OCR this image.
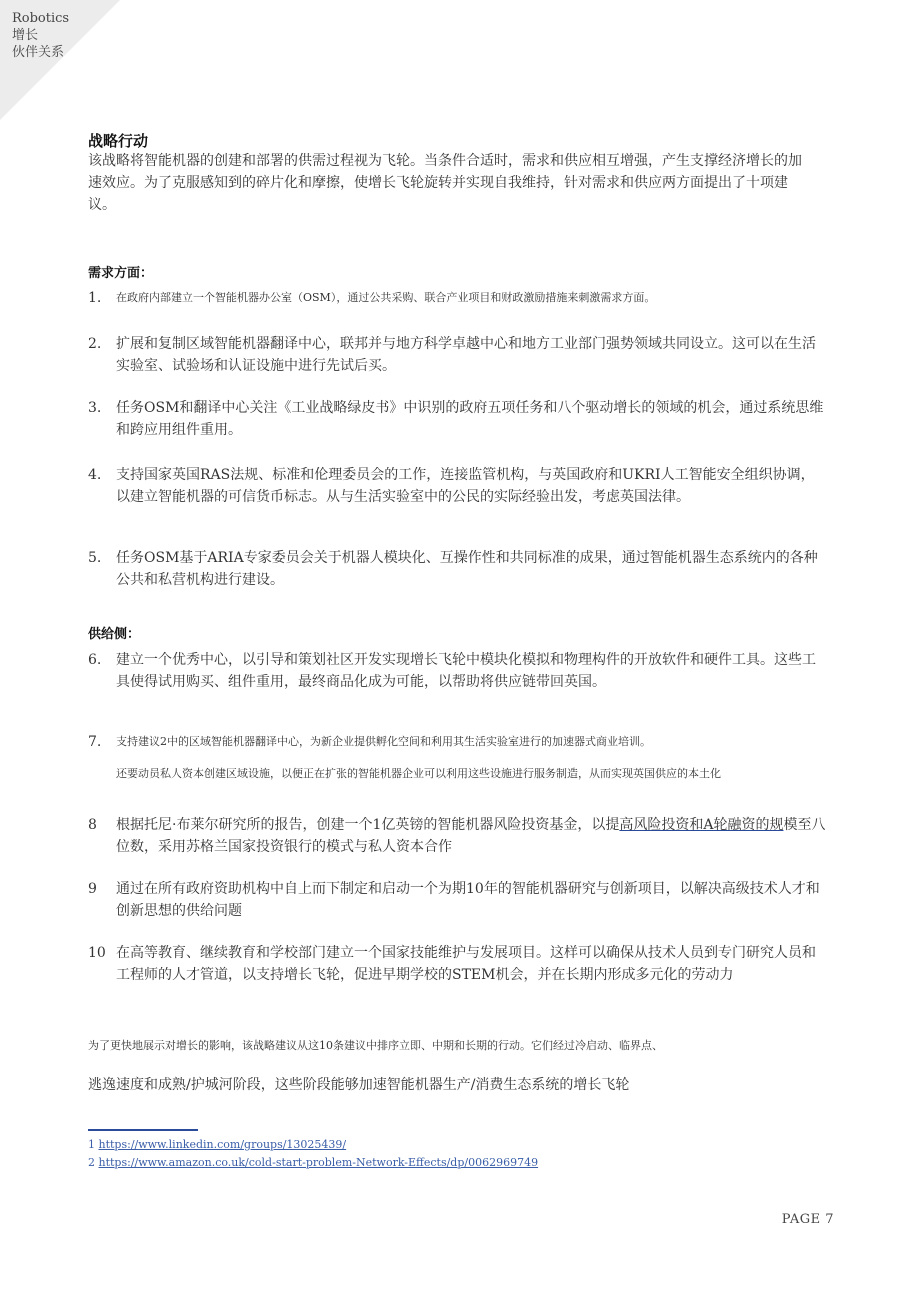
Robotics
增长
伙伴关系
战略行动
该战略将智能机器的创建和部署的供需过程视为飞轮。当条件合适时，需求和供应相互增强，产生支撑经济增长的加速效应。为了克服感知到的碎片化和摩擦，使增长飞轮旋转并实现自我维持，针对需求和供应两方面提出了十项建议。
需求方面：
1.	在政府内部建立一个智能机器办公室（OSM），通过公共采购、联合产业项目和财政激励措施来刺激需求方面。
2.	扩展和复制区域智能机器翻译中心，联邦并与地方科学卓越中心和地方工业部门强势领域共同设立。这可以在生活实验室、试验场和认证设施中进行先试后买。
3.	任务OSM和翻译中心关注《工业战略绿皮书》中识别的政府五项任务和八个驱动增长的领域的机会，通过系统思维和跨应用组件重用。
4.	支持国家英国RAS法规、标准和伦理委员会的工作，连接监管机构，与英国政府和UKRI人工智能安全组织协调，以建立智能机器的可信货币标志。从与生活实验室中的公民的实际经验出发，考虑英国法律。
5.	任务OSM基于ARIA专家委员会关于机器人模块化、互操作性和共同标准的成果，通过智能机器生态系统内的各种公共和私营机构进行建设。
供给侧：
6.	建立一个优秀中心，以引导和策划社区开发实现增长飞轮中模块化模拟和物理构件的开放软件和硬件工具。这些工具使得试用购买、组件重用，最终商品化成为可能，以帮助将供应链带回英国。
7.	支持建议2中的区域智能机器翻译中心，为新企业提供孵化空间和利用其生活实验室进行的加速器式商业培训。
还要动员私人资本创建区域设施，以便正在扩张的智能机器企业可以利用这些设施进行服务制造，从而实现英国供应的本土化
8	根据托尼·布莱尔研究所的报告，创建一个1亿英镑的智能机器风险投资基金，以提高风险投资和A轮融资的规模至八位数，采用苏格兰国家投资银行的模式与私人资本合作
9	通过在所有政府资助机构中自上而下制定和启动一个为期10年的智能机器研究与创新项目，以解决高级技术人才和创新思想的供给问题
10 在高等教育、继续教育和学校部门建立一个国家技能维护与发展项目。这样可以确保从技术人员到专门研究人员和工程师的人才管道，以支持增长飞轮，促进早期学校的STEM机会，并在长期内形成多元化的劳动力
为了更快地展示对增长的影响，该战略建议从这10条建议中排序立即、中期和长期的行动。它们经过冷启动、临界点、
逃逸速度和成熟/护城河阶段，这些阶段能够加速智能机器生产/消费生态系统的增长飞轮
1 https://www.linkedin.com/groups/13025439/
2 https://www.amazon.co.uk/cold-start-problem-Network-Effects/dp/0062969749
PAGE 7
